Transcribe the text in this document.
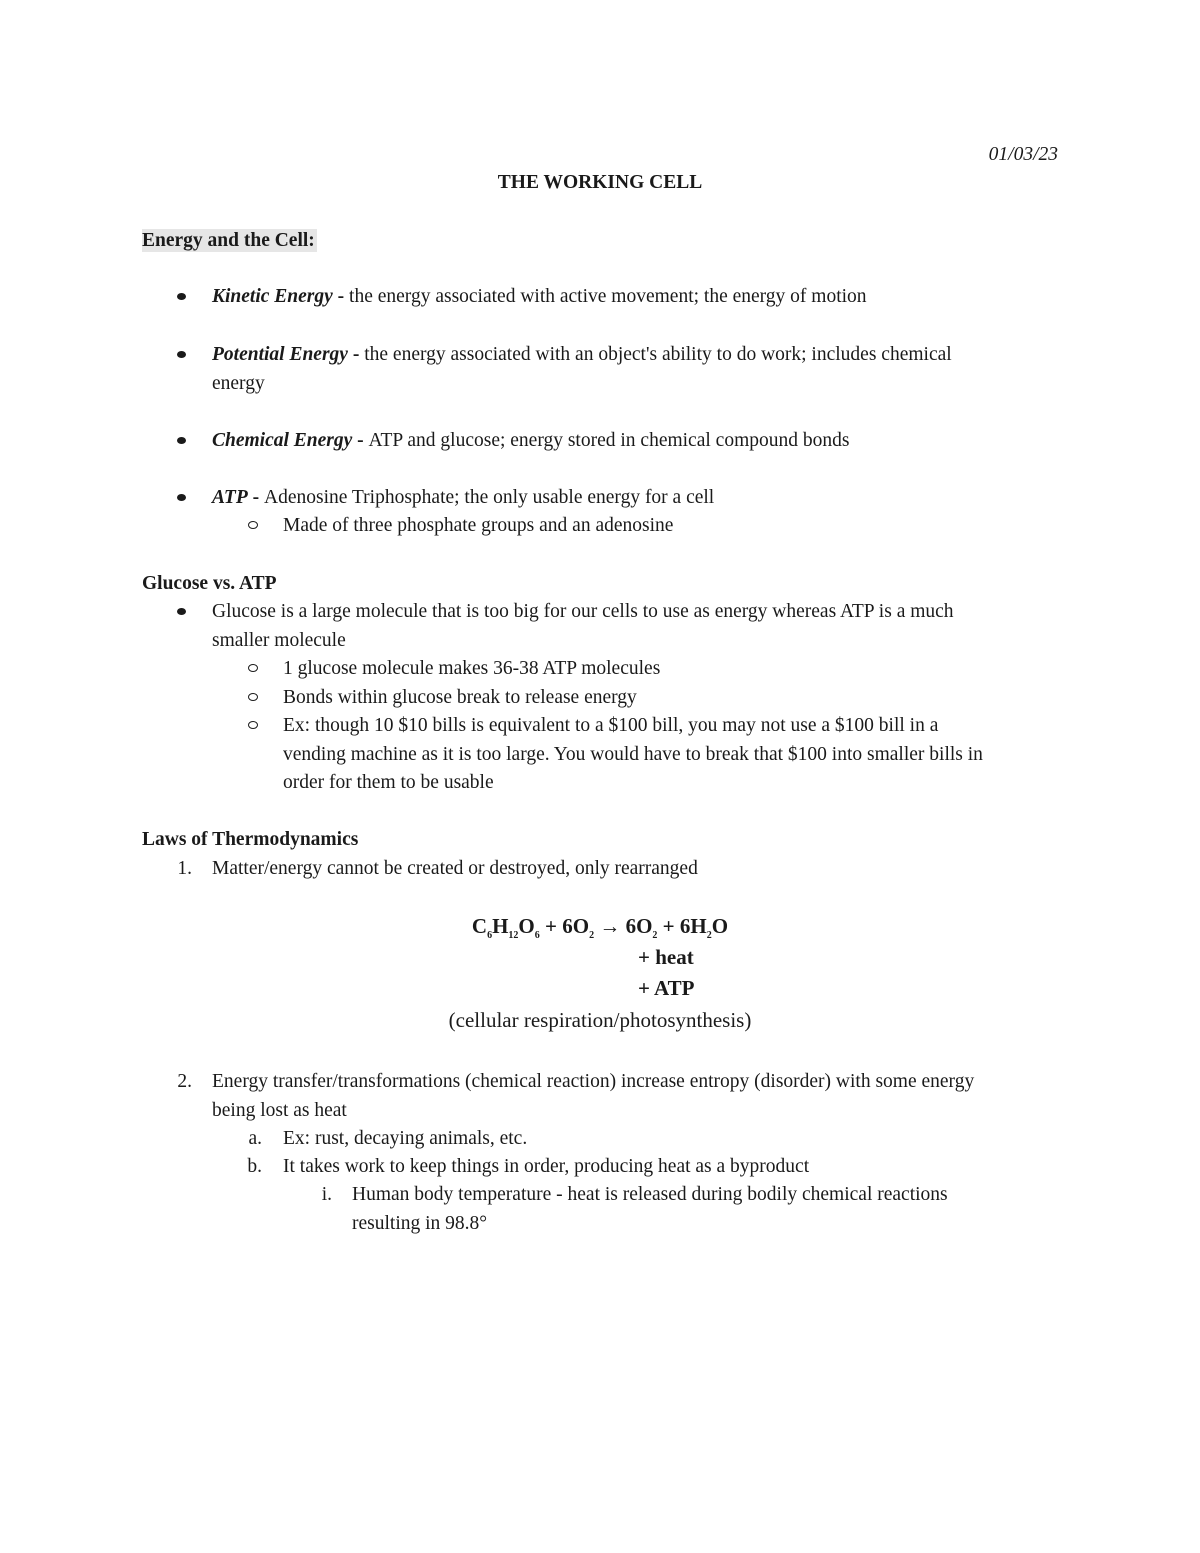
01/03/23
THE WORKING CELL
Energy and the Cell:
Kinetic Energy - the energy associated with active movement; the energy of motion
Potential Energy - the energy associated with an object's ability to do work; includes chemical
energy
Chemical Energy - ATP and glucose; energy stored in chemical compound bonds
ATP - Adenosine Triphosphate; the only usable energy for a cell
Made of three phosphate groups and an adenosine
Glucose vs. ATP
Glucose is a large molecule that is too big for our cells to use as energy whereas ATP is a much
smaller molecule
1 glucose molecule makes 36-38 ATP molecules
Bonds within glucose break to release energy
Ex: though 10 $10 bills is equivalent to a $100 bill, you may not use a $100 bill in a
vending machine as it is too large. You would have to break that $100 into smaller bills in
order for them to be usable
Laws of Thermodynamics
1. Matter/energy cannot be created or destroyed, only rearranged
$C_6H_{12}O_6 + 6O_2 \to 6O_2 + 6H_2O$
+ heat
+ ATP
(cellular respiration/photosynthesis)
2. Energy transfer/transformations (chemical reaction) increase entropy (disorder) with some energy
being lost as heat
a. Ex: rust, decaying animals, etc.
b. It takes work to keep things in order, producing heat as a byproduct
i. Human body temperature - heat is released during bodily chemical reactions
resulting in 98.8°
